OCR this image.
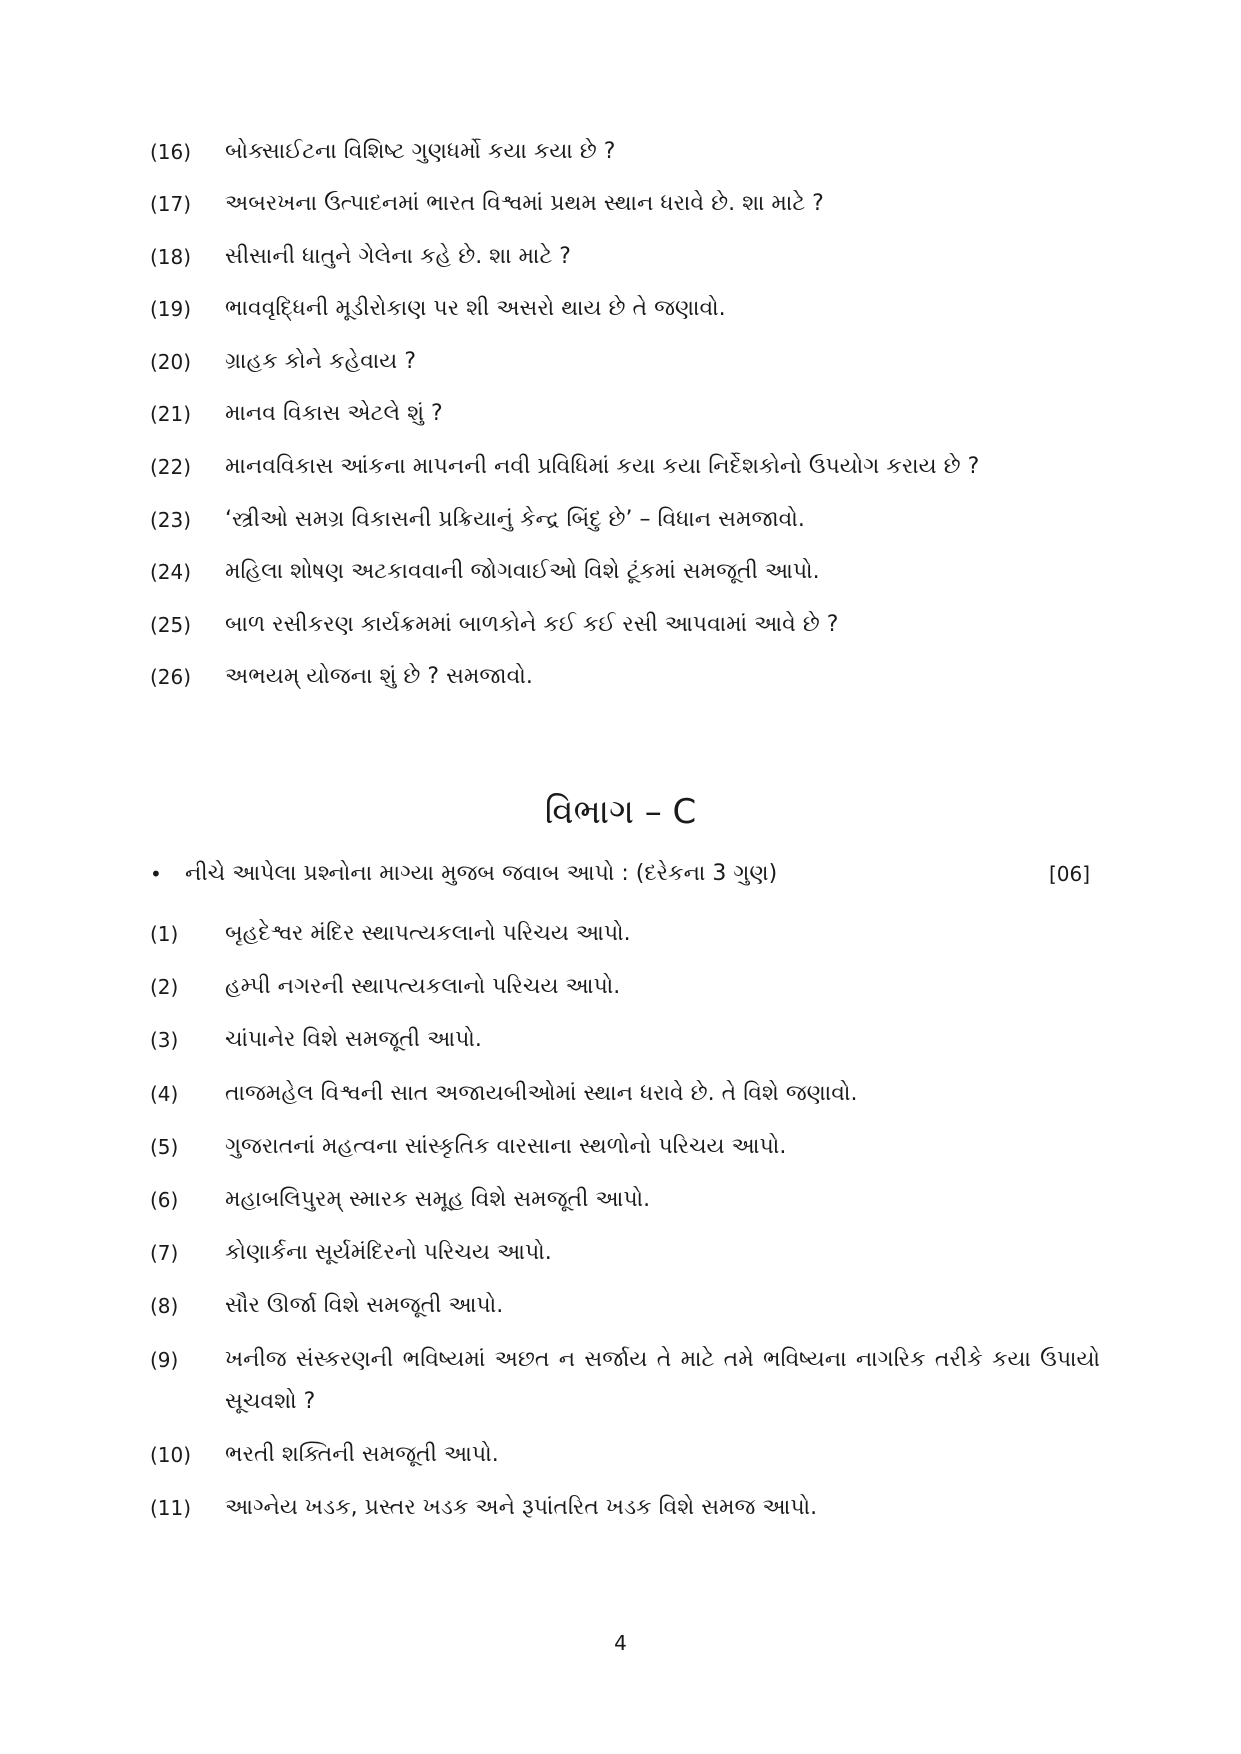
(16)	બોક્સાઈટના વિશિષ્ટ ગુણધર્મો કયા કયા છે ?
(17)	અબરખના ઉત્પાદનમાં ભારત વિશ્વમાં પ્રથમ સ્થાન ધરાવે છે. શા માટે ?
(18)	સીસાની ધાતુને ગેલેના કહે છે. શા માટે ?
(19)	ભાવવૃદ્ધિની મૂડીરોકાણ પર શી અસરો થાય છે તે જણાવો.
(20)	ગ્રાહક કોને કહેવાય ?
(21)	માનવ વિકાસ એટલે શું ?
(22)	માનવવિકાસ આંકના માપનની નવી પ્રવિધિમાં કયા કયા નિર્દેશકોનો ઉપયોગ કરાય છે ?
(23)	‘સ્ત્રીઓ સમગ્ર વિકાસની પ્રક્રિયાનું કેન્દ્ર બિંદુ છે’ – વિધાન સમજાવો.
(24)	મહિલા શોષણ અટકાવવાની જોગવાઈઓ વિશે ટૂંકમાં સમજૂતી આપો.
(25)	બાળ રસીકરણ કાર્યક્રમમાં બાળકોને કઈ કઈ રસી આપવામાં આવે છે ?
(26)	અભયમ્ યોજના શું છે ? સમજાવો.
વિભાગ – C
• નીચે આપેલા પ્રશ્નોના માગ્યા મુજબ જવાબ આપો : (દરેકના 3 ગુણ)	[06]
(1)	બૃહદેશ્વર મંદિર સ્થાપત્યકલાનો પરિચય આપો.
(2)	હમ્પી નગરની સ્થાપત્યકલાનો પરિચય આપો.
(3)	ચાંપાનેર વિશે સમજૂતી આપો.
(4)	તાજમહેલ વિશ્વની સાત અજાયબીઓમાં સ્થાન ધરાવે છે. તે વિશે જણાવો.
(5)	ગુજરાતનાં મહત્વના સાંસ્કૃતિક વારસાના સ્થળોનો પરિચય આપો.
(6)	મહાબલિપુરમ્ સ્મારક સમૂહ વિશે સમજૂતી આપો.
(7)	કોણાર્કના સૂર્યમંદિરનો પરિચય આપો.
(8)	સૌર ઊર્જા વિશે સમજૂતી આપો.
(9)	ખનીજ સંસ્કરણની ભવિષ્યમાં અછત ન સર્જાય તે માટે તમે ભવિષ્યના નાગરિક તરીકે કયા ઉપાયો સૂચવશો ?
(10)	ભરતી શક્તિની સમજૂતી આપો.
(11)	આગ્નેય ખડક, પ્રસ્તર ખડક અને રૂપાંતરિત ખડક વિશે સમજ આપો.
4
